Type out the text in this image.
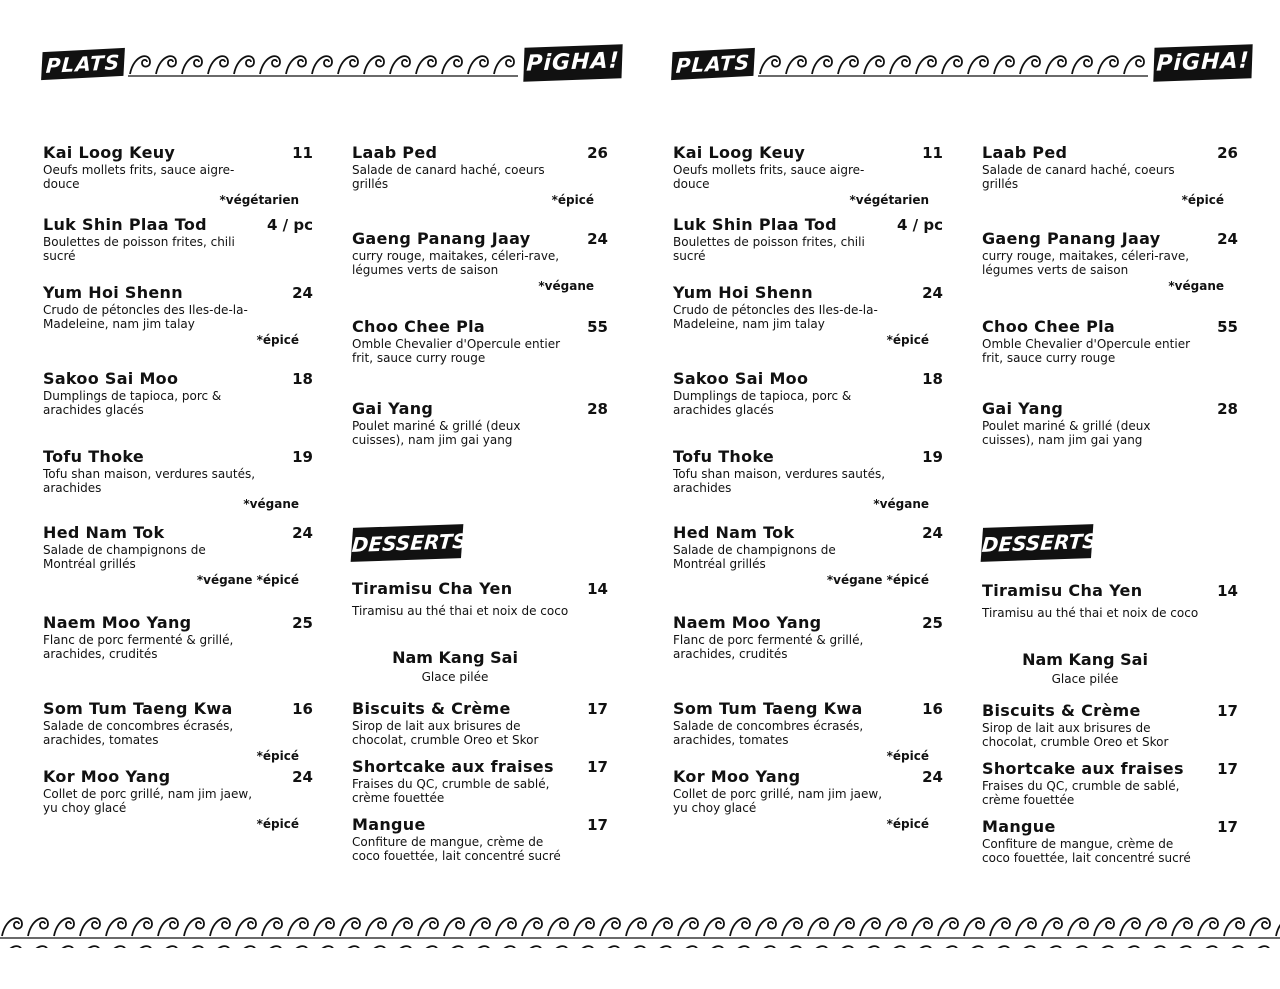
PLATS	PiGHA!
Kai Loog Keuy	11
Oeufs mollets frits, sauce aigre-douce
*végétarien
Luk Shin Plaa Tod	4 / pc
Boulettes de poisson frites, chili sucré
Yum Hoi Shenn	24
Crudo de pétoncles des Iles-de-la-Madeleine, nam jim talay
*épicé
Sakoo Sai Moo	18
Dumplings de tapioca, porc & arachides glacés
Tofu Thoke	19
Tofu shan maison, verdures sautés, arachides
*végane
Hed Nam Tok	24
Salade de champignons de Montréal grillés
*végane *épicé
Naem Moo Yang	25
Flanc de porc fermenté & grillé, arachides, crudités
Som Tum Taeng Kwa	16
Salade de concombres écrasés, arachides, tomates
*épicé
Kor Moo Yang	24
Collet de porc grillé, nam jim jaew, yu choy glacé
*épicé
Laab Ped	26
Salade de canard haché, coeurs grillés
*épicé
Gaeng Panang Jaay	24
curry rouge, maitakes, céleri-rave, légumes verts de saison
*végane
Choo Chee Pla	55
Omble Chevalier d'Opercule entier frit, sauce curry rouge
Gai Yang	28
Poulet mariné & grillé (deux cuisses), nam jim gai yang
DESSERTS
Tiramisu Cha Yen	14
Tiramisu au thé thai et noix de coco
Nam Kang Sai
Glace pilée
Biscuits & Crème	17
Sirop de lait aux brisures de chocolat, crumble Oreo et Skor
Shortcake aux fraises	17
Fraises du QC, crumble de sablé, crème fouettée
Mangue	17
Confiture de mangue, crème de coco fouettée, lait concentré sucré
PLATS	PiGHA!
Kai Loog Keuy	11
Oeufs mollets frits, sauce aigre-douce
*végétarien
Luk Shin Plaa Tod	4 / pc
Boulettes de poisson frites, chili sucré
Yum Hoi Shenn	24
Crudo de pétoncles des Iles-de-la-Madeleine, nam jim talay
*épicé
Sakoo Sai Moo	18
Dumplings de tapioca, porc & arachides glacés
Tofu Thoke	19
Tofu shan maison, verdures sautés, arachides
*végane
Hed Nam Tok	24
Salade de champignons de Montréal grillés
*végane *épicé
Naem Moo Yang	25
Flanc de porc fermenté & grillé, arachides, crudités
Som Tum Taeng Kwa	16
Salade de concombres écrasés, arachides, tomates
*épicé
Kor Moo Yang	24
Collet de porc grillé, nam jim jaew, yu choy glacé
*épicé
Laab Ped	26
Salade de canard haché, coeurs grillés
*épicé
Gaeng Panang Jaay	24
curry rouge, maitakes, céleri-rave, légumes verts de saison
*végane
Choo Chee Pla	55
Omble Chevalier d'Opercule entier frit, sauce curry rouge
Gai Yang	28
Poulet mariné & grillé (deux cuisses), nam jim gai yang
DESSERTS
Tiramisu Cha Yen	14
Tiramisu au thé thai et noix de coco
Nam Kang Sai
Glace pilée
Biscuits & Crème	17
Sirop de lait aux brisures de chocolat, crumble Oreo et Skor
Shortcake aux fraises	17
Fraises du QC, crumble de sablé, crème fouettée
Mangue	17
Confiture de mangue, crème de coco fouettée, lait concentré sucré
